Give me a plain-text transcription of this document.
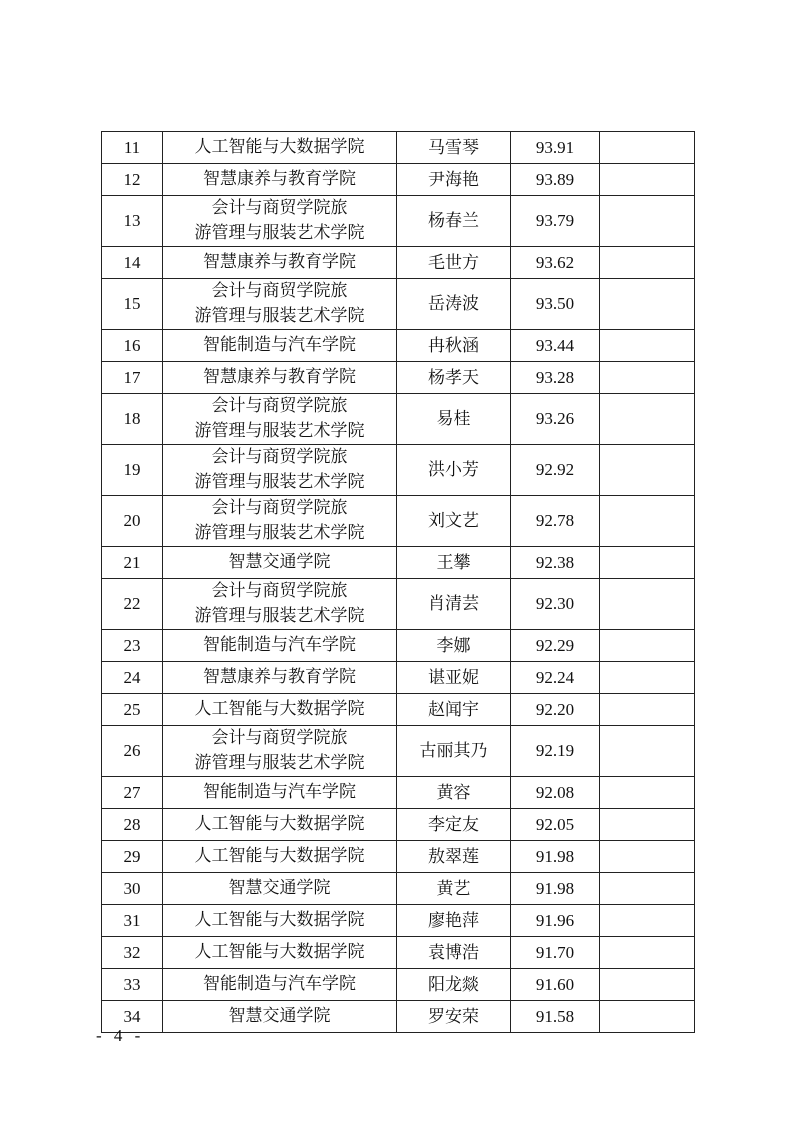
11	人工智能与大数据学院	马雪琴	93.91	
12	智慧康养与教育学院	尹海艳	93.89	
13	会计与商贸学院旅
游管理与服装艺术学院	杨春兰	93.79	
14	智慧康养与教育学院	毛世方	93.62	
15	会计与商贸学院旅
游管理与服装艺术学院	岳涛波	93.50	
16	智能制造与汽车学院	冉秋涵	93.44	
17	智慧康养与教育学院	杨孝天	93.28	
18	会计与商贸学院旅
游管理与服装艺术学院	易桂	93.26	
19	会计与商贸学院旅
游管理与服装艺术学院	洪小芳	92.92	
20	会计与商贸学院旅
游管理与服装艺术学院	刘文艺	92.78	
21	智慧交通学院	王攀	92.38	
22	会计与商贸学院旅
游管理与服装艺术学院	肖清芸	92.30	
23	智能制造与汽车学院	李娜	92.29	
24	智慧康养与教育学院	谌亚妮	92.24	
25	人工智能与大数据学院	赵闻宇	92.20	
26	会计与商贸学院旅
游管理与服装艺术学院	古丽其乃	92.19	
27	智能制造与汽车学院	黄容	92.08	
28	人工智能与大数据学院	李定友	92.05	
29	人工智能与大数据学院	敖翠莲	91.98	
30	智慧交通学院	黄艺	91.98	
31	人工智能与大数据学院	廖艳萍	91.96	
32	人工智能与大数据学院	袁博浩	91.70	
33	智能制造与汽车学院	阳龙燚	91.60	
34	智慧交通学院	罗安荣	91.58	
- 4 -
